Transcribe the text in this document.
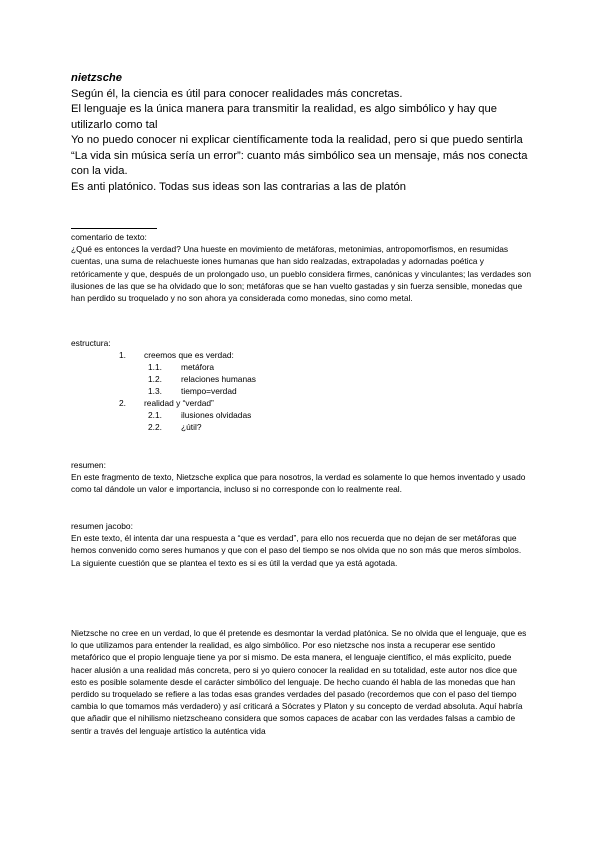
nietzsche

Según él, la ciencia es útil para conocer realidades más concretas.

El lenguaje es la única manera para transmitir la realidad, es algo simbólico y hay que utilizarlo como tal

Yo no puedo conocer ni explicar científicamente toda la realidad, pero si que puedo sentirla

“La vida sin música sería un error”: cuanto más simbólico sea un mensaje, más nos conecta con la vida.

Es anti platónico. Todas sus ideas son las contrarias a las de platón

comentario de texto:

¿Qué es entonces la verdad? Una hueste en movimiento de metáforas, metonimias, antropomorfismos, en resumidas cuentas, una suma de relachueste iones humanas que han sido realzadas, extrapoladas y adornadas poética y retóricamente y que, después de un prolongado uso, un pueblo considera firmes, canónicas y vinculantes; las verdades son ilusiones de las que se ha olvidado que lo son; metáforas que se han vuelto gastadas y sin fuerza sensible, monedas que han perdido su troquelado y no son ahora ya considerada como monedas, sino como metal.

estructura:
1. creemos que es verdad:
1.1. metáfora
1.2. relaciones humanas
1.3. tiempo=verdad
2. realidad y “verdad”
2.1. ilusiones olvidadas
2.2. ¿útil?

resumen:

En este fragmento de texto, Nietzsche explica que para nosotros, la verdad es solamente lo que hemos inventado y usado como tal dándole un valor e importancia, incluso si no corresponde con lo realmente real.

resumen jacobo:

En este texto, él intenta dar una respuesta a “que es verdad”, para ello nos recuerda que no dejan de ser metáforas que hemos convenido como seres humanos y que con el paso del tiempo se nos olvida que no son más que meros símbolos. La siguiente cuestión que se plantea el texto es si es útil la verdad que ya está agotada.

Nietzsche no cree en un verdad, lo que él pretende es desmontar la verdad platónica. Se no olvida que el lenguaje, que es lo que utilizamos para entender la realidad, es algo simbólico. Por eso nietzsche nos insta a recuperar ese sentido metafórico que el propio lenguaje tiene ya por si mismo. De esta manera, el lenguaje científico, el más explícito, puede hacer alusión a una realidad más concreta, pero si yo quiero conocer la realidad en su totalidad, este autor nos dice que esto es posible solamente desde el carácter simbólico del lenguaje. De hecho cuando él habla de las monedas que han perdido su troquelado se refiere a las todas esas grandes verdades del pasado (recordemos que con el paso del tiempo cambia lo que tomamos más verdadero) y así criticará a Sócrates y Platon y su concepto de verdad absoluta. Aquí habría que añadir que el nihilismo nietzscheano considera que somos capaces de acabar con las verdades falsas a cambio de sentir a través del lenguaje artístico la auténtica vida
